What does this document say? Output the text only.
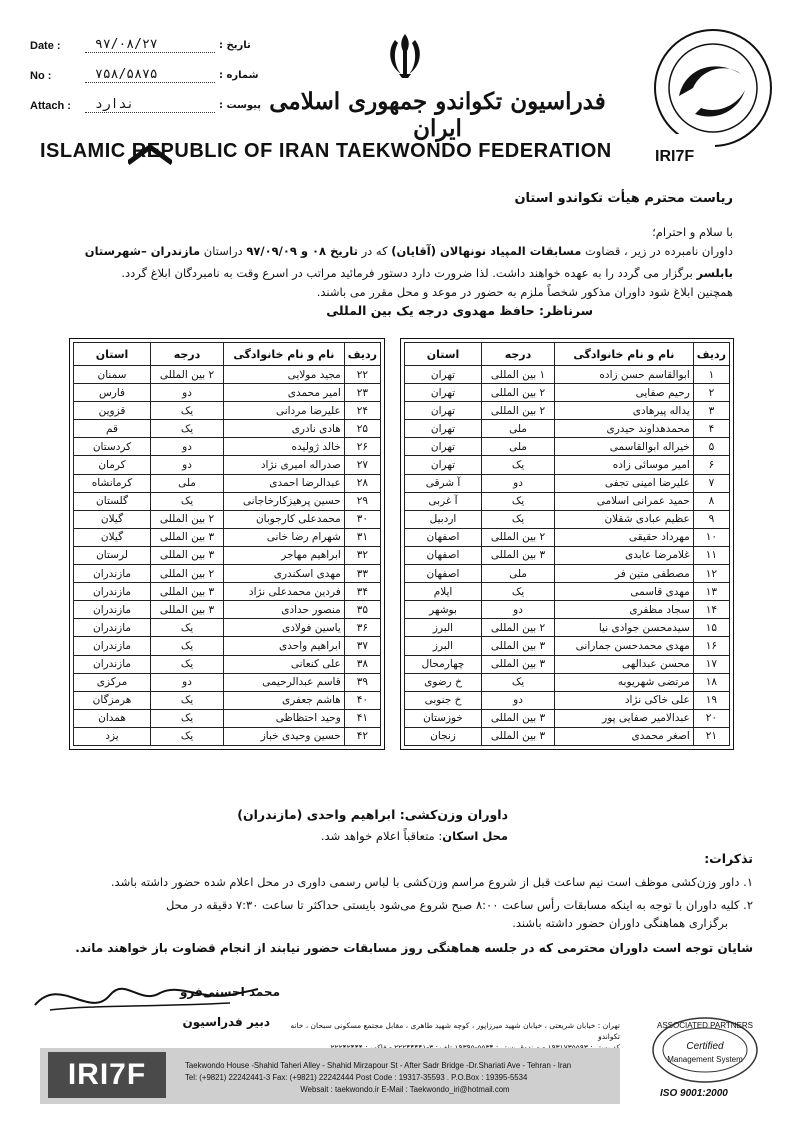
Date :	۹۷/۰۸/۲۷	تاریخ :
No :	۷۵۸/۵۸۷۵	شماره :
Attach :	ندارد	پیوست : فدراسیون تکواندو جمهوری اسلامی ایران
ISLAMIC REPUBLIC OF IRAN TAEKWONDO FEDERATION	IRI7F
ریاست محترم هیأت تکواندو استان
با سلام و احترام؛
داوران نامبرده در زیر ، قضاوت مسابقات المپیاد نونهالان (آقایان) که در تاریخ ۰۸ و ۹۷/۰۹/۰۹ دراستان مازندران –شهرستان
بابلسر برگزار می گردد را به عهده خواهند داشت. لذا ضرورت دارد دستور فرمائید مراتب در اسرع وقت به نامبردگان ابلاغ گردد.
همچنین ابلاغ شود داوران مذکور شخصاً ملزم به حضور در موعد و محل مقرر می باشند.
سرناظر: حافظ مهدوی درجه یک بین المللی
ردیف	نام و نام خانوادگی	درجه	استان
۲۲	مجید مولایی	۲ بین المللی	سمنان
۲۳	امیر محمدی	دو	فارس
۲۴	علیرضا مردانی	یک	قزوین
۲۵	هادی نادری	یک	قم
۲۶	خالد ژولیده	دو	کردستان
۲۷	صدراله امیری نژاد	دو	کرمان
۲۸	عبدالرضا احمدی	ملی	کرمانشاه
۲۹	حسین پرهیزکارخاجانی	یک	گلستان
۳۰	محمدعلی کارجوبان	۲ بین المللی	گیلان
۳۱	شهرام رضا خانی	۳ بین المللی	گیلان
۳۲	ابراهیم مهاجر	۳ بین المللی	لرستان
۳۳	مهدی اسکندری	۲ بین المللی	مازندران
۳۴	فردین محمدعلی نژاد	۳ بین المللی	مازندران
۳۵	منصور حدادی	۳ بین المللی	مازندران
۳۶	یاسین فولادی	یک	مازندران
۳۷	ابراهیم واحدی	یک	مازندران
۳۸	علی کنعانی	یک	مازندران
۳۹	قاسم عبدالرحیمی	دو	مرکزی
۴۰	هاشم جعفری	یک	هرمزگان
۴۱	وحید احتظاظی	یک	همدان
۴۲	حسین وحیدی خباز	یک	یزد
ردیف	نام و نام خانوادگی	درجه	استان
۱	ابوالقاسم حسن زاده	۱ بین المللی	تهران
۲	رحیم صفایی	۲ بین المللی	تهران
۳	یداله پیرهادی	۲ بین المللی	تهران
۴	محمدهداوند حیدری	ملی	تهران
۵	خیراله ابوالقاسمی	ملی	تهران
۶	امیر موسائی زاده	یک	تهران
۷	علیرضا امینی تجفی	دو	آ شرقی
۸	حمید عمرانی اسلامی	یک	آ غربی
۹	عظیم عبادی شقلان	یک	اردبیل
۱۰	مهرداد حقیقی	۲ بین المللی	اصفهان
۱۱	غلامرضا عابدی	۳ بین المللی	اصفهان
۱۲	مصطفی متین فر	ملی	اصفهان
۱۳	مهدی قاسمی	یک	ایلام
۱۴	سجاد مظفری	دو	بوشهر
۱۵	سیدمحسن جوادی نیا	۲ بین المللی	البرز
۱۶	مهدی محمدحسن جمارانی	۳ بین المللی	البرز
۱۷	محسن عبدالهی	۳ بین المللی	چهارمحال
۱۸	مرتضی شهریوبه	یک	خ رضوی
۱۹	علی خاکی نژاد	دو	خ جنوبی
۲۰	عبدالامیر صفایی پور	۳ بین المللی	خوزستان
۲۱	اصغر محمدی	۳ بین المللی	زنجان
داوران وزن‌کشی: ابراهیم واحدی (مازندران)
محل اسکان: متعاقباً اعلام خواهد شد.
تذکرات:
۱. داور وزن‌کشی موظف است نیم ساعت قبل از شروع مراسم وزن‌کشی با لباس رسمی داوری در محل اعلام شده حضور داشته باشد.
۲. کلیه داوران با توجه به اینکه مسابقات رأس ساعت ۸:۰۰ صبح شروع می‌شود بایستی حداکثر تا ساعت ۷:۳۰ دقیقه در محل
برگزاری هماهنگی داوران حضور داشته باشند.
شایان توجه است داوران محترمی که در جلسه هماهنگی روز مسابقات حضور نیابند از انجام قضاوت باز خواهند ماند.
محمد احسنی‌فرو
دبیر فدراسیون	تهران : خیابان شریعتی ، خیابان شهید میرزاپور ، کوچه شهید طاهری ، مقابل مجتمع مسکونی سبحان ، خانه تکواندو
IRI7F	Taekwondo House -Shahid Taheri Alley - Shahid Mirzapour St - After Sadr Bridge -Dr.Shariati Ave - Tehran - Iran
Tel: (+9821) 22242441-3 Fax: (+9821) 22242444 Post Code : 19317-35593 . P.O.Box : 19395-5534
Websait : taekwondo.ir E-Mail : Taekwondo_iri@hotmail.com
ASSOCIATED PARTNERS
Certified
Management System
ISO 9001:2000
